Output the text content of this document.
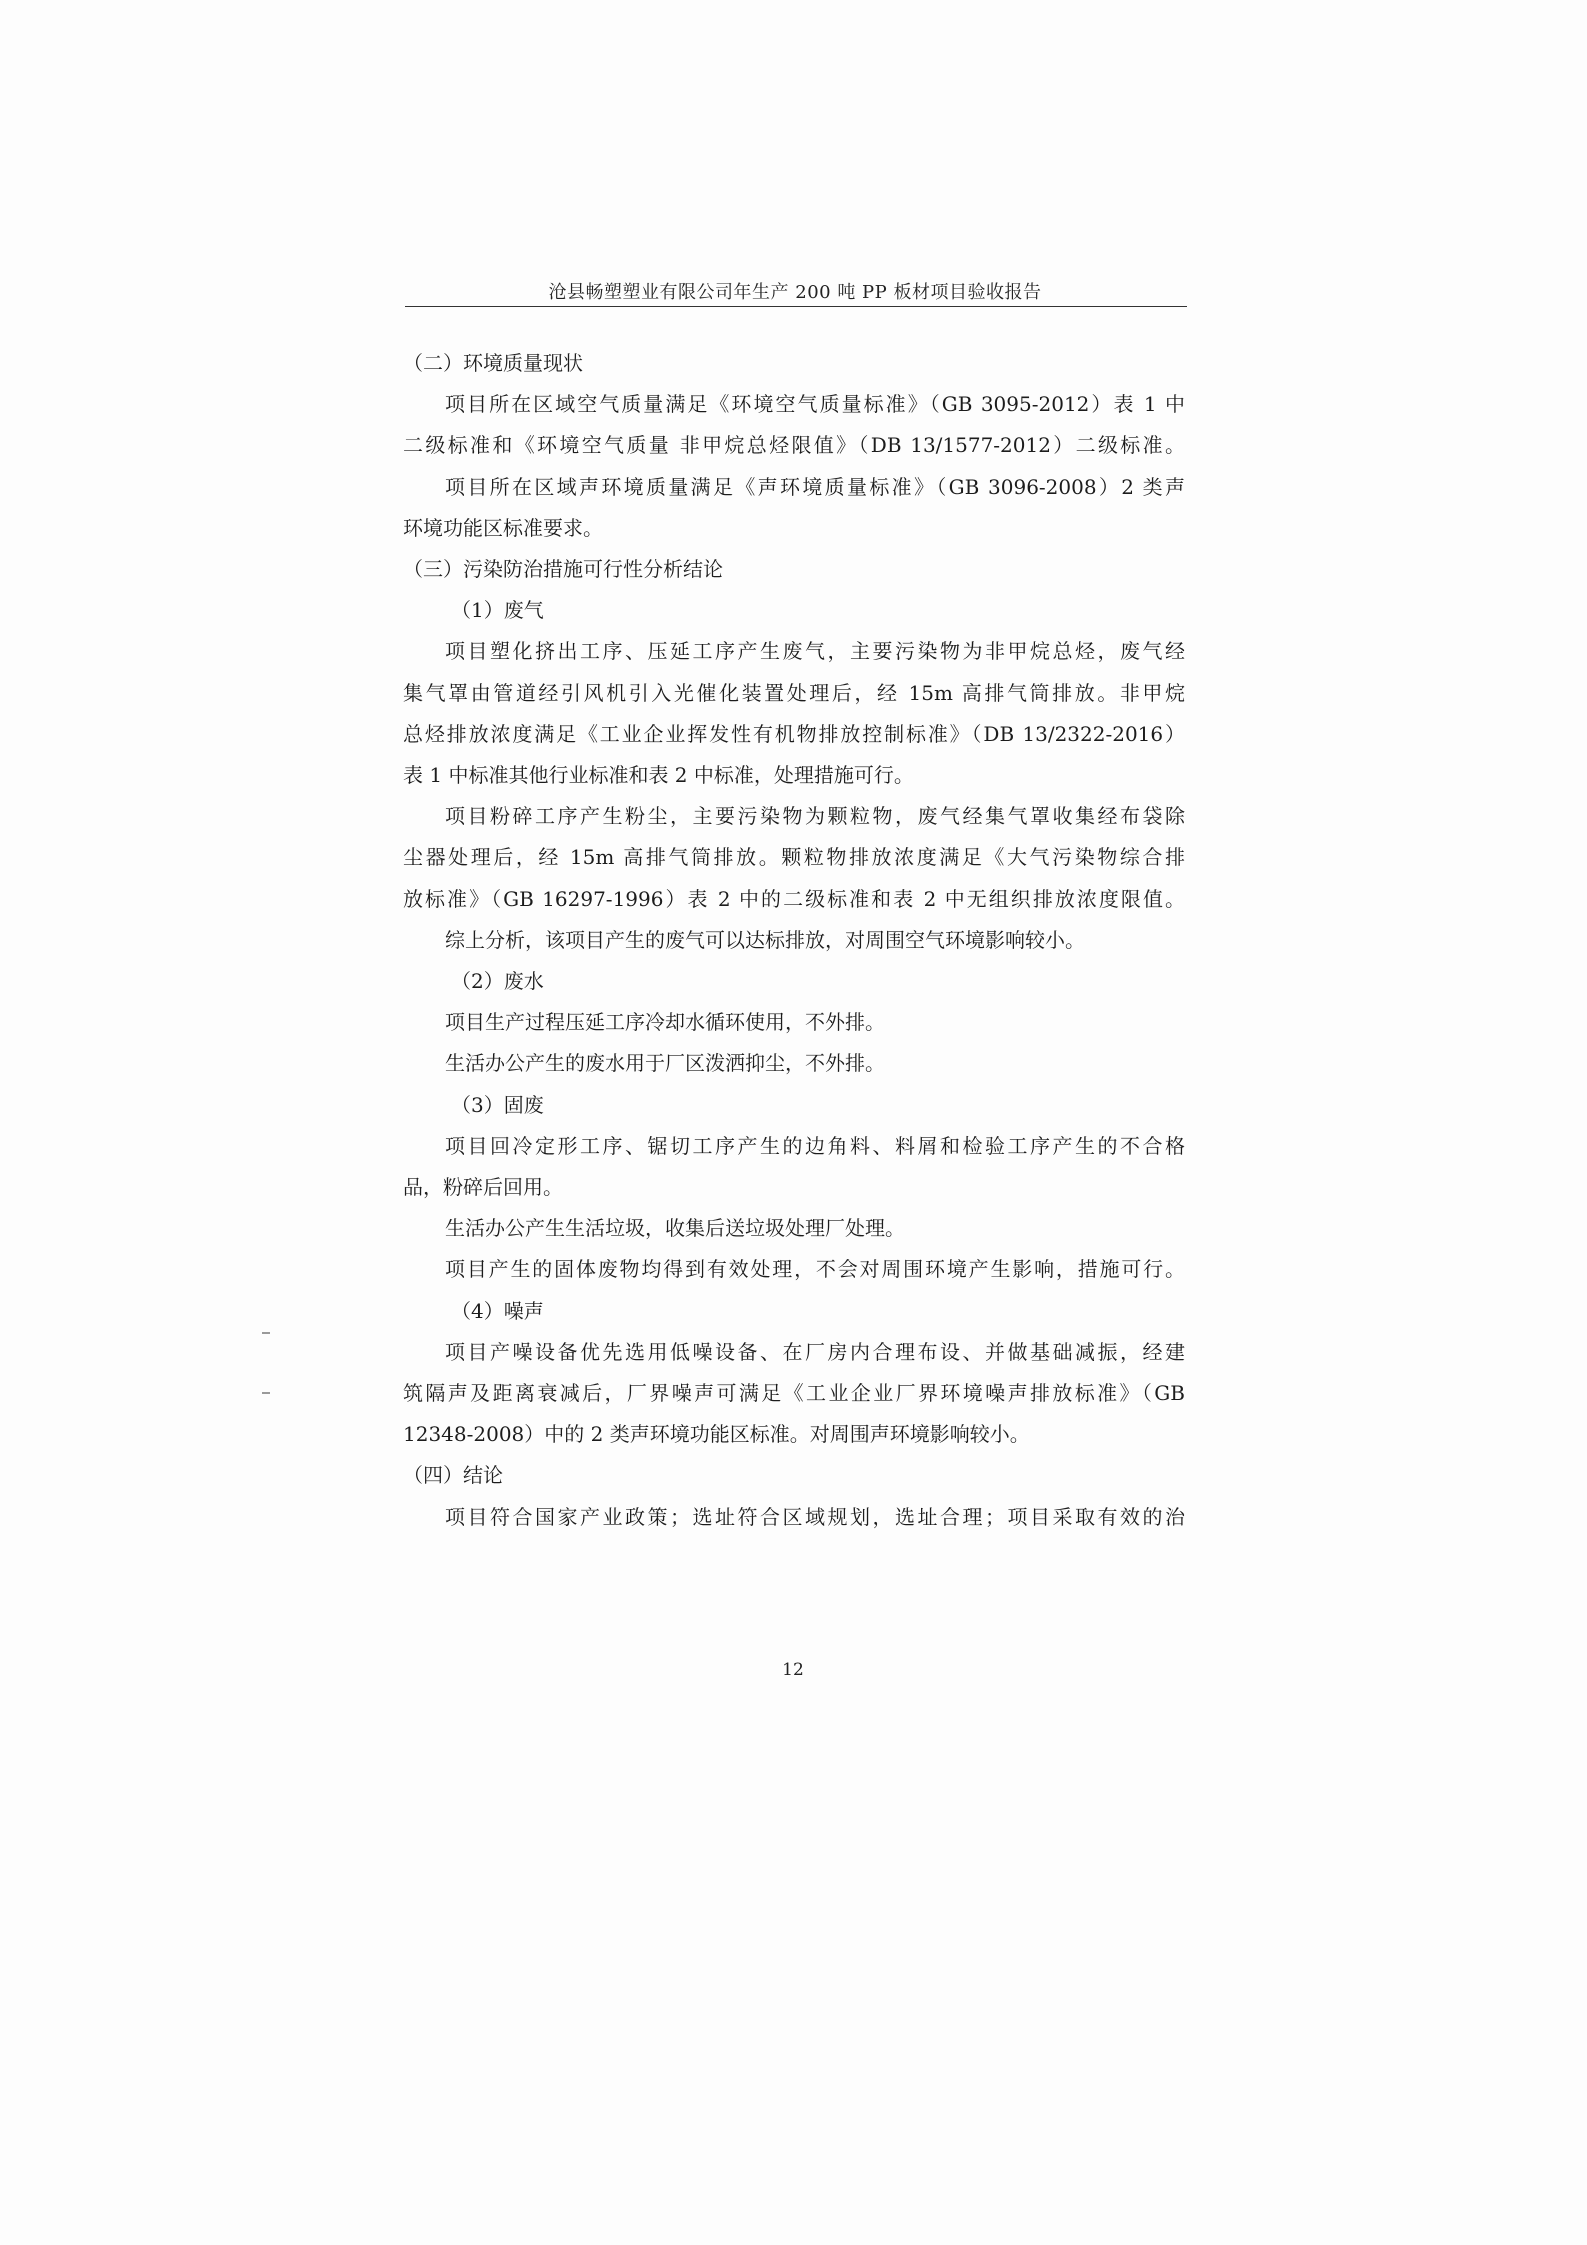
沧县畅塑塑业有限公司年生产 200 吨 PP 板材项目验收报告

（二）环境质量现状

项目所在区域空气质量满足《环境空气质量标准》（GB 3095-2012）表 1 中

二级标准和《环境空气质量 非甲烷总烃限值》（DB 13/1577-2012）二级标准。

项目所在区域声环境质量满足《声环境质量标准》（GB 3096-2008）2 类声

环境功能区标准要求。

（三）污染防治措施可行性分析结论

（1）废气

项目塑化挤出工序、压延工序产生废气，主要污染物为非甲烷总烃，废气经

集气罩由管道经引风机引入光催化装置处理后，经 15m 高排气筒排放。非甲烷

总烃排放浓度满足《工业企业挥发性有机物排放控制标准》（DB 13/2322-2016）

表 1 中标准其他行业标准和表 2 中标准，处理措施可行。

项目粉碎工序产生粉尘，主要污染物为颗粒物，废气经集气罩收集经布袋除

尘器处理后，经 15m 高排气筒排放。颗粒物排放浓度满足《大气污染物综合排

放标准》（GB 16297-1996）表 2 中的二级标准和表 2 中无组织排放浓度限值。

综上分析，该项目产生的废气可以达标排放，对周围空气环境影响较小。

（2）废水

项目生产过程压延工序冷却水循环使用，不外排。

生活办公产生的废水用于厂区泼洒抑尘，不外排。

（3）固废

项目回冷定形工序、锯切工序产生的边角料、料屑和检验工序产生的不合格

品，粉碎后回用。

生活办公产生生活垃圾，收集后送垃圾处理厂处理。

项目产生的固体废物均得到有效处理，不会对周围环境产生影响，措施可行。

（4）噪声

项目产噪设备优先选用低噪设备、在厂房内合理布设、并做基础减振，经建

筑隔声及距离衰减后，厂界噪声可满足《工业企业厂界环境噪声排放标准》（GB

12348-2008）中的 2 类声环境功能区标准。对周围声环境影响较小。

（四）结论

项目符合国家产业政策；选址符合区域规划，选址合理；项目采取有效的治

12
